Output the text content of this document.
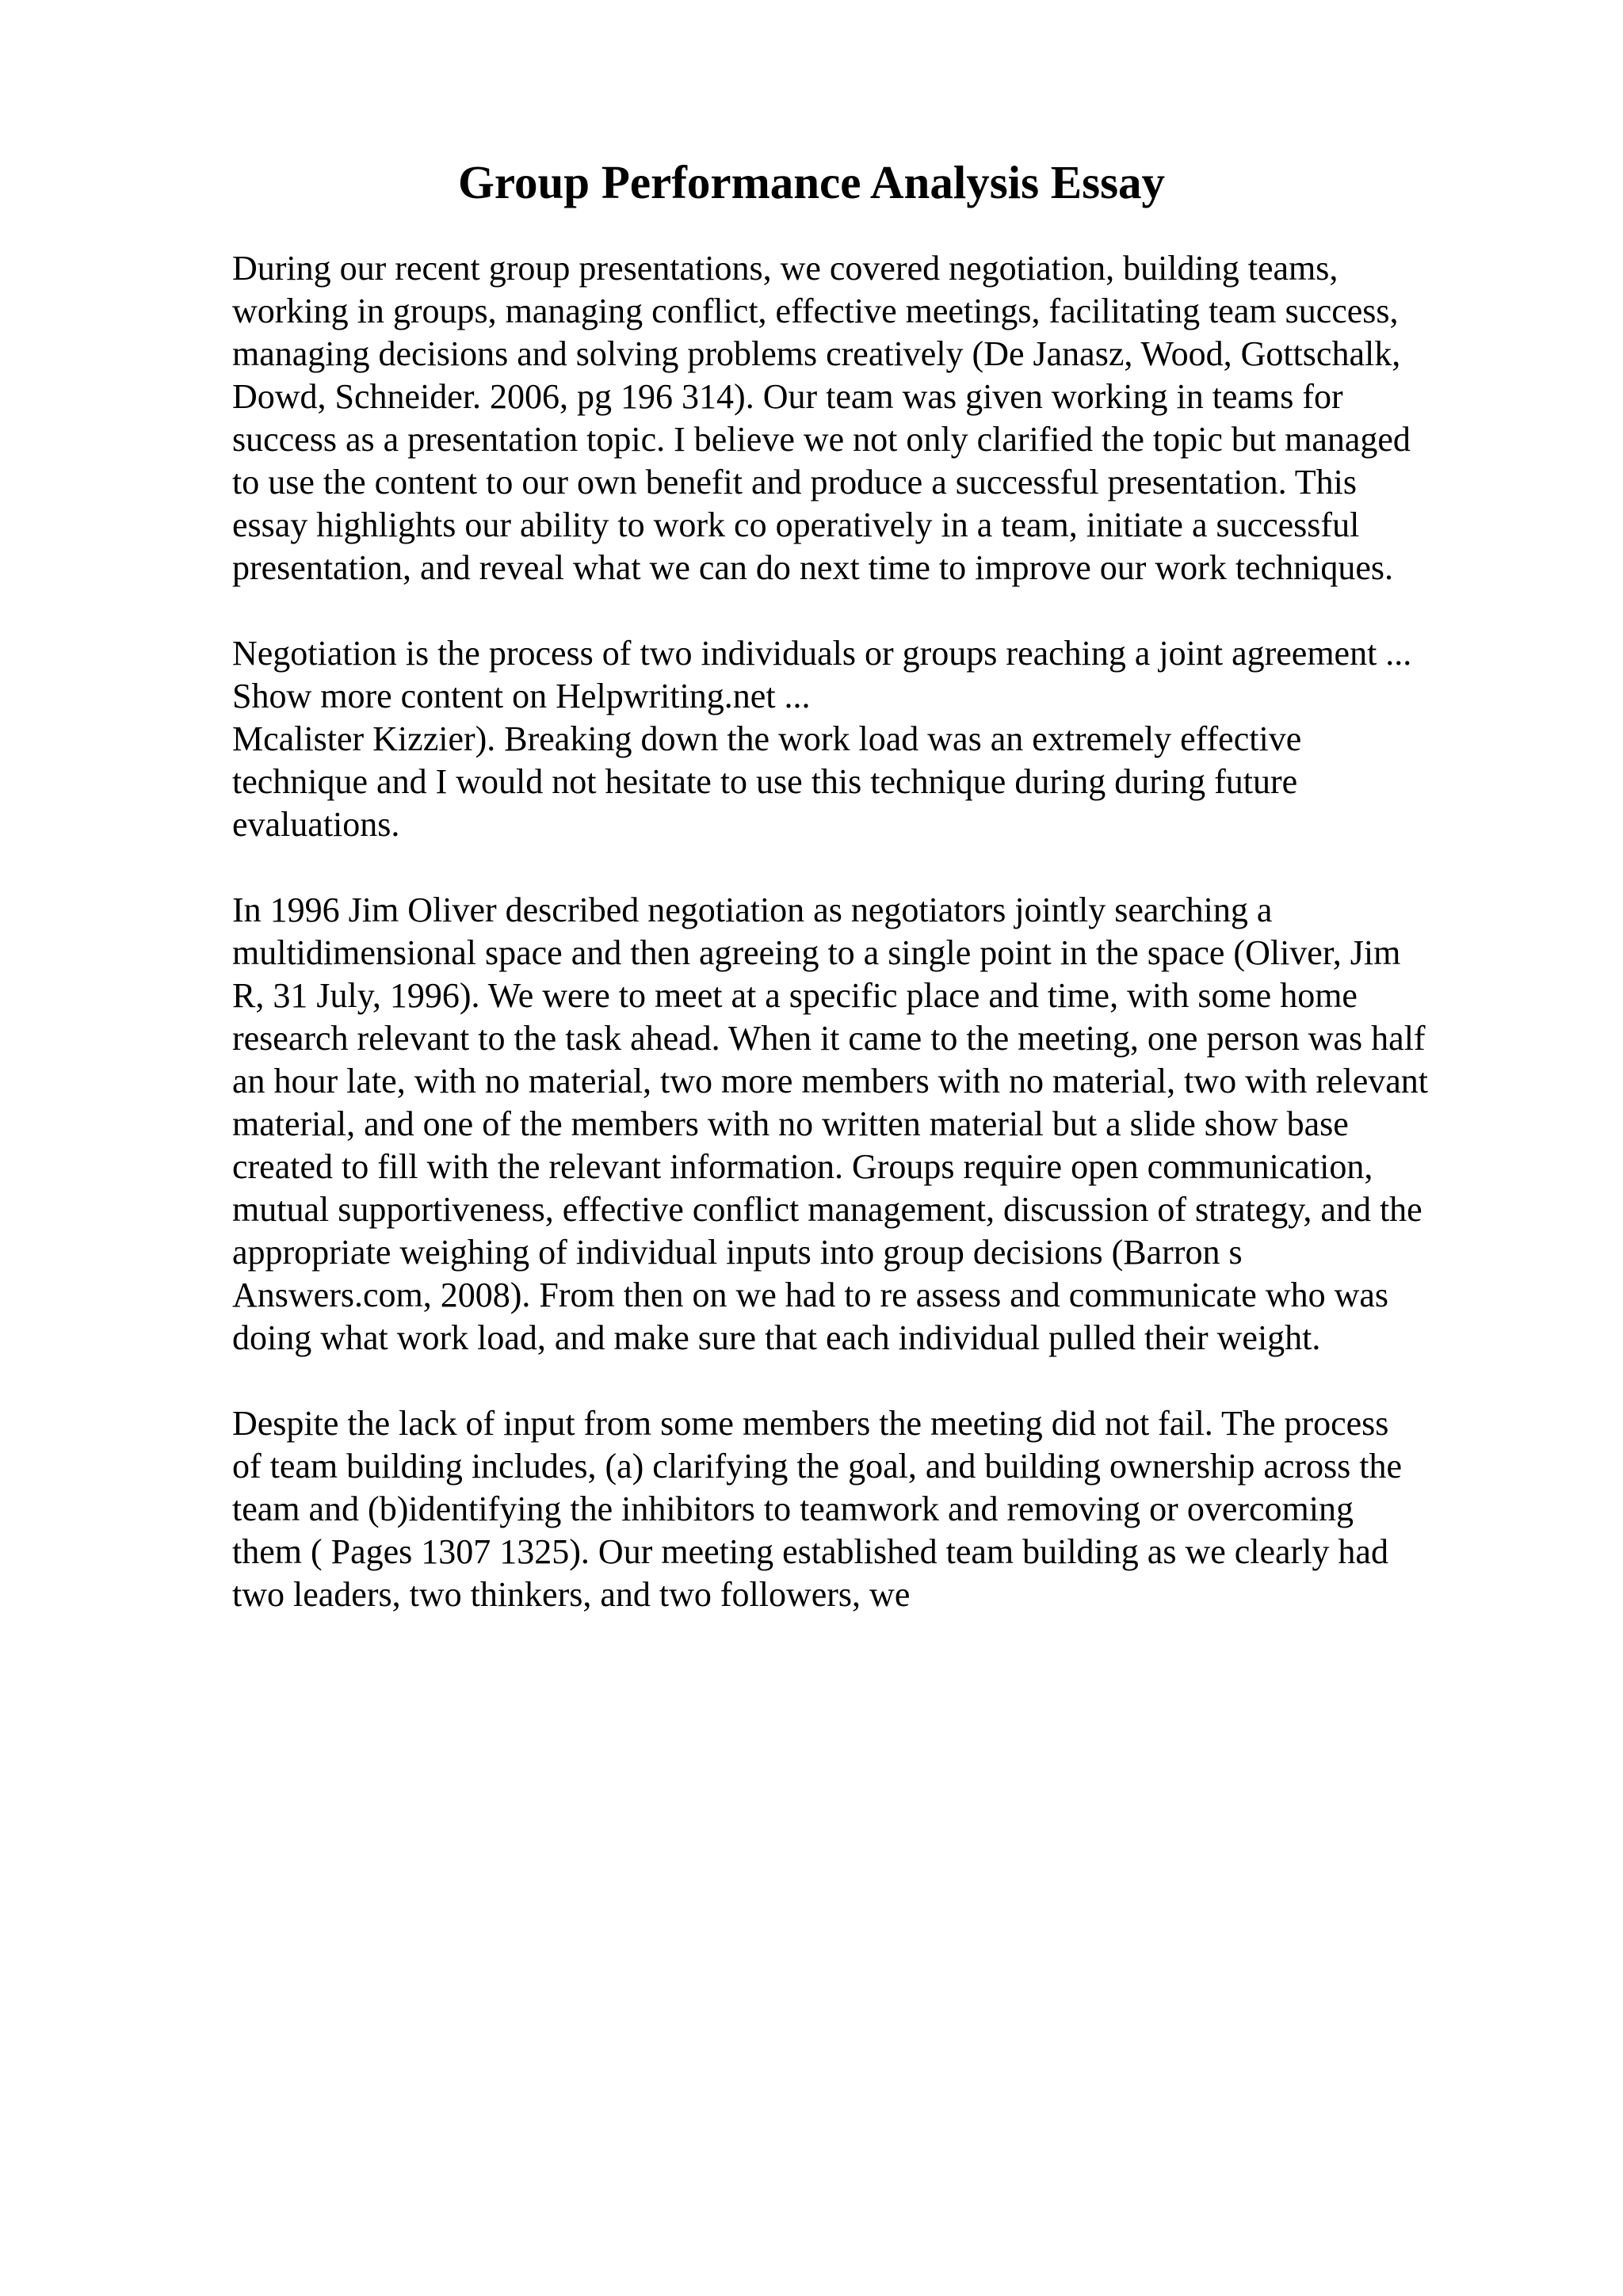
Group Performance Analysis Essay

During our recent group presentations, we covered negotiation, building teams,
working in groups, managing conflict, effective meetings, facilitating team success,
managing decisions and solving problems creatively (De Janasz, Wood, Gottschalk,
Dowd, Schneider. 2006, pg 196 314). Our team was given working in teams for
success as a presentation topic. I believe we not only clarified the topic but managed
to use the content to our own benefit and produce a successful presentation. This
essay highlights our ability to work co operatively in a team, initiate a successful
presentation, and reveal what we can do next time to improve our work techniques.

Negotiation is the process of two individuals or groups reaching a joint agreement ...
Show more content on Helpwriting.net ...
Mcalister Kizzier). Breaking down the work load was an extremely effective
technique and I would not hesitate to use this technique during during future
evaluations.

In 1996 Jim Oliver described negotiation as negotiators jointly searching a
multidimensional space and then agreeing to a single point in the space (Oliver, Jim
R, 31 July, 1996). We were to meet at a specific place and time, with some home
research relevant to the task ahead. When it came to the meeting, one person was half
an hour late, with no material, two more members with no material, two with relevant
material, and one of the members with no written material but a slide show base
created to fill with the relevant information. Groups require open communication,
mutual supportiveness, effective conflict management, discussion of strategy, and the
appropriate weighing of individual inputs into group decisions (Barron s
Answers.com, 2008). From then on we had to re assess and communicate who was
doing what work load, and make sure that each individual pulled their weight.

Despite the lack of input from some members the meeting did not fail. The process
of team building includes, (a) clarifying the goal, and building ownership across the
team and (b)identifying the inhibitors to teamwork and removing or overcoming
them ( Pages 1307 1325). Our meeting established team building as we clearly had
two leaders, two thinkers, and two followers, we
